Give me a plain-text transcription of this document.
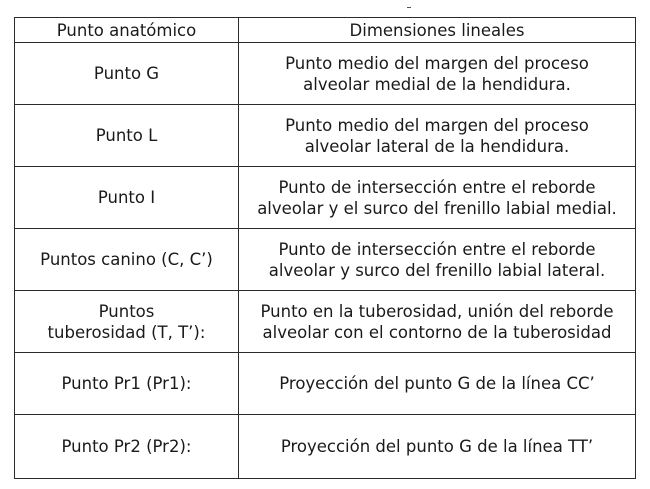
Punto anatómico	Dimensiones lineales

Punto G	Punto medio del margen del proceso alveolar medial de la hendidura.

Punto L	Punto medio del margen del proceso alveolar lateral de la hendidura.

Punto I	Punto de intersección entre el reborde alveolar y el surco del frenillo labial medial.

Puntos canino (C, C’)	Punto de intersección entre el reborde alveolar y surco del frenillo labial lateral.

Puntos tuberosidad (T, T’):	Punto en la tuberosidad, unión del reborde alveolar con el contorno de la tuberosidad

Punto Pr1 (Pr1):	Proyección del punto G de la línea CC’

Punto Pr2 (Pr2):	Proyección del punto G de la línea TT’
